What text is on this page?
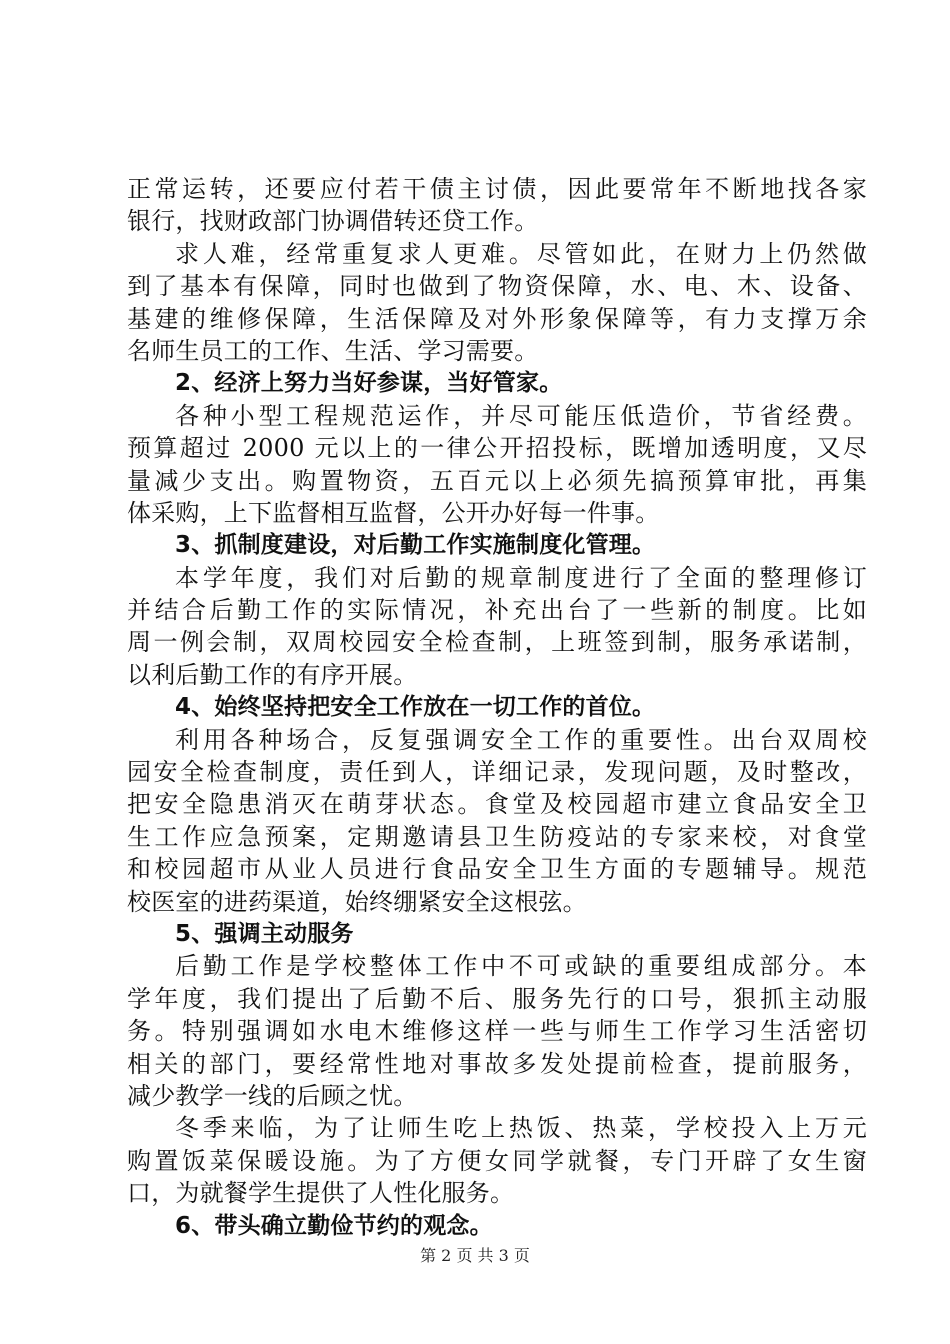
正常运转，还要应付若干债主讨债，因此要常年不断地找各家
银行，找财政部门协调借转还贷工作。
求人难，经常重复求人更难。尽管如此，在财力上仍然做
到了基本有保障，同时也做到了物资保障，水、电、木、设备、
基建的维修保障，生活保障及对外形象保障等，有力支撑万余
名师生员工的工作、生活、学习需要。
2、经济上努力当好参谋，当好管家。
各种小型工程规范运作，并尽可能压低造价，节省经费。
预算超过 2000 元以上的一律公开招投标，既增加透明度，又尽
量减少支出。购置物资，五百元以上必须先搞预算审批，再集
体采购，上下监督相互监督，公开办好每一件事。
3、抓制度建设，对后勤工作实施制度化管理。
本学年度，我们对后勤的规章制度进行了全面的整理修订
并结合后勤工作的实际情况，补充出台了一些新的制度。比如
周一例会制，双周校园安全检查制，上班签到制，服务承诺制，
以利后勤工作的有序开展。
4、始终坚持把安全工作放在一切工作的首位。
利用各种场合，反复强调安全工作的重要性。出台双周校
园安全检查制度，责任到人，详细记录，发现问题，及时整改，
把安全隐患消灭在萌芽状态。食堂及校园超市建立食品安全卫
生工作应急预案，定期邀请县卫生防疫站的专家来校，对食堂
和校园超市从业人员进行食品安全卫生方面的专题辅导。规范
校医室的进药渠道，始终绷紧安全这根弦。
5、强调主动服务
后勤工作是学校整体工作中不可或缺的重要组成部分。本
学年度，我们提出了后勤不后、服务先行的口号，狠抓主动服
务。特别强调如水电木维修这样一些与师生工作学习生活密切
相关的部门，要经常性地对事故多发处提前检查，提前服务，
减少教学一线的后顾之忧。
冬季来临，为了让师生吃上热饭、热菜，学校投入上万元
购置饭菜保暖设施。为了方便女同学就餐，专门开辟了女生窗
口，为就餐学生提供了人性化服务。
6、带头确立勤俭节约的观念。
第 2 页 共 3 页
